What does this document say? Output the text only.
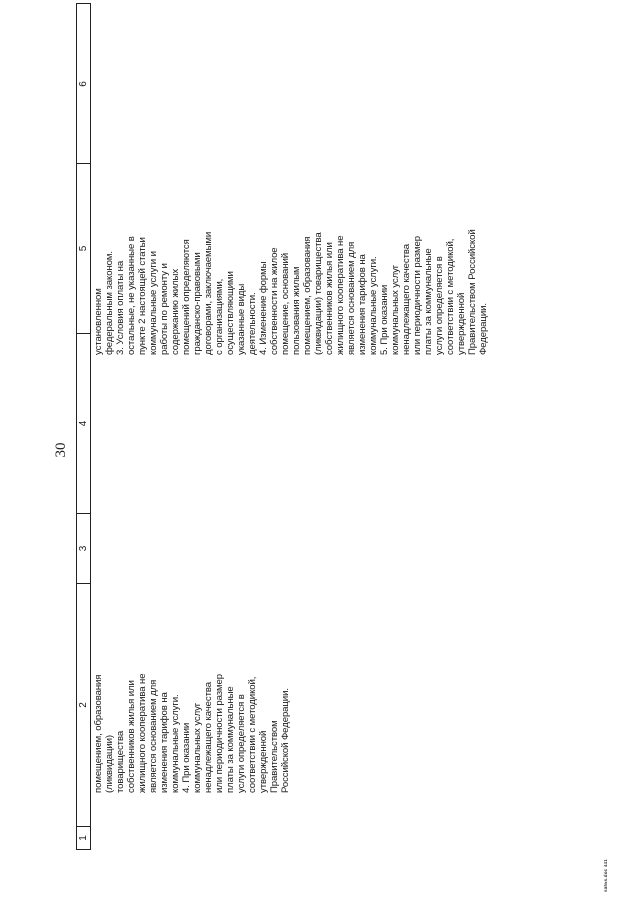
30
1
2
3
4
5
6
помещением, образования
(ликвидации)
товарищества
собственников жилья или
жилищного кооператива не
является основанием для
изменения тарифов на
коммунальные услуги.
4. При оказании
коммунальных услуг
ненадлежащего качества
или периодичности размер
платы за коммунальные
услуги определяется в
соответствии с методикой,
утвержденной
Правительством
Российской Федерации.
установленном
федеральным законом.
3. Условия оплаты на
остальные, не указанные в
пункте 2 настоящей статьи
коммунальные услуги и
работы по ремонту и
содержанию жилых
помещений определяются
гражданско-правовыми
договорами, заключаемыми
с организациями,
осуществляющими
указанные виды
деятельности.
4. Изменение формы
собственности на жилое
помещение, оснований
пользования жилым
помещением, образования
(ликвидации) товарищества
собственников жилья или
жилищного кооператива не
является основанием для
изменения тарифов на
коммунальные услуги.
5. При оказании
коммунальных услуг
ненадлежащего качества
или периодичности размер
платы за коммунальные
услуги определяется в
соответствии с методикой,
утвержденной
Правительством Российской
Федерации.
sa№s.doc 441
